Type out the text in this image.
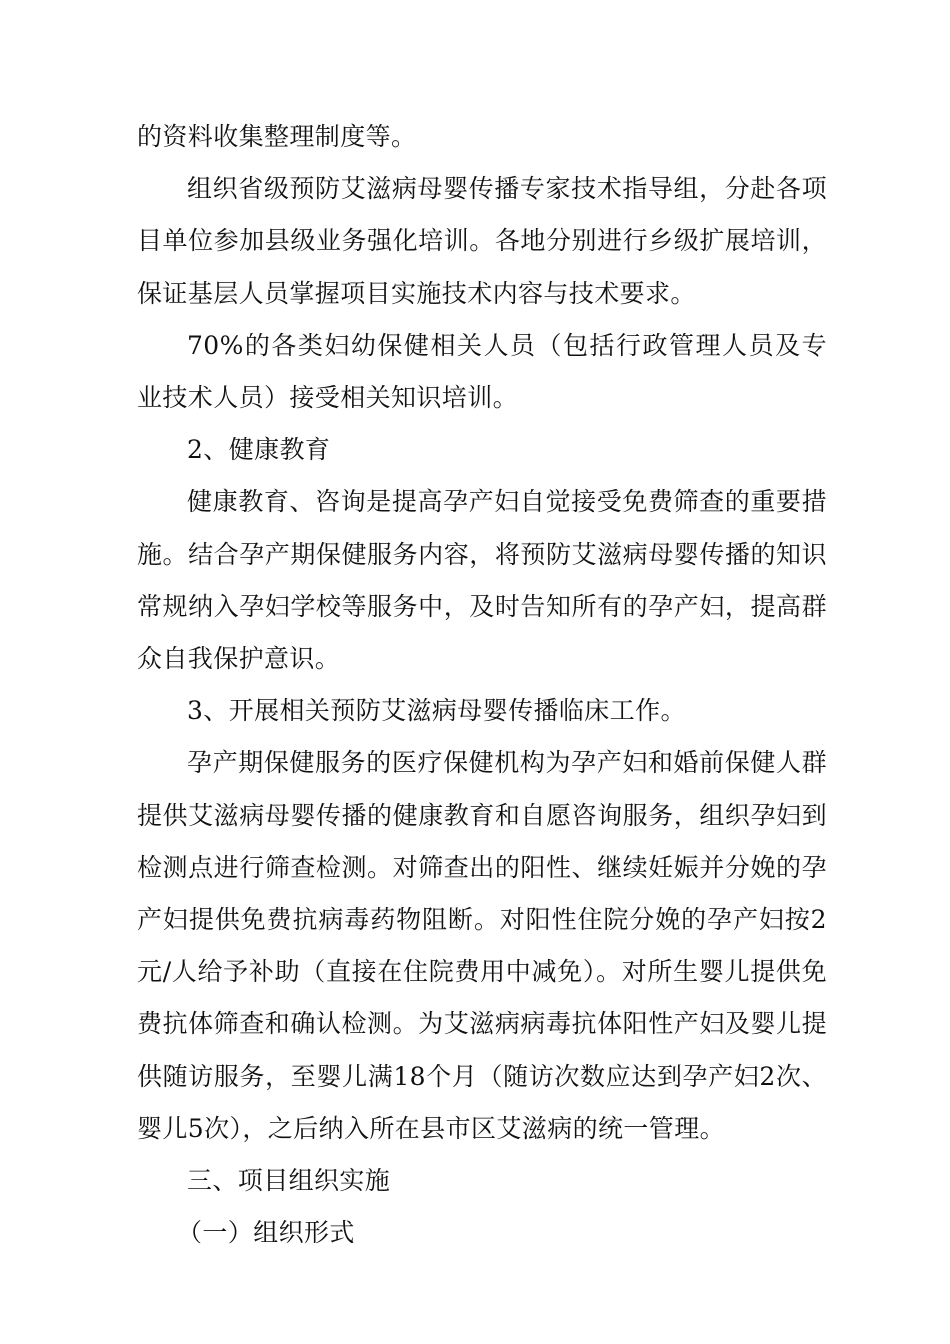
的资料收集整理制度等。

组织省级预防艾滋病母婴传播专家技术指导组，分赴各项目单位参加县级业务强化培训。各地分别进行乡级扩展培训，保证基层人员掌握项目实施技术内容与技术要求。

70%的各类妇幼保健相关人员（包括行政管理人员及专业技术人员）接受相关知识培训。

2、健康教育

健康教育、咨询是提高孕产妇自觉接受免费筛查的重要措施。结合孕产期保健服务内容，将预防艾滋病母婴传播的知识常规纳入孕妇学校等服务中，及时告知所有的孕产妇，提高群众自我保护意识。

3、开展相关预防艾滋病母婴传播临床工作。

孕产期保健服务的医疗保健机构为孕产妇和婚前保健人群提供艾滋病母婴传播的健康教育和自愿咨询服务，组织孕妇到检测点进行筛查检测。对筛查出的阳性、继续妊娠并分娩的孕产妇提供免费抗病毒药物阻断。对阳性住院分娩的孕产妇按2元/人给予补助（直接在住院费用中减免）。对所生婴儿提供免费抗体筛查和确认检测。为艾滋病病毒抗体阳性产妇及婴儿提供随访服务，至婴儿满18个月（随访次数应达到孕产妇2次、婴儿5次），之后纳入所在县市区艾滋病的统一管理。

三、项目组织实施

（一）组织形式
